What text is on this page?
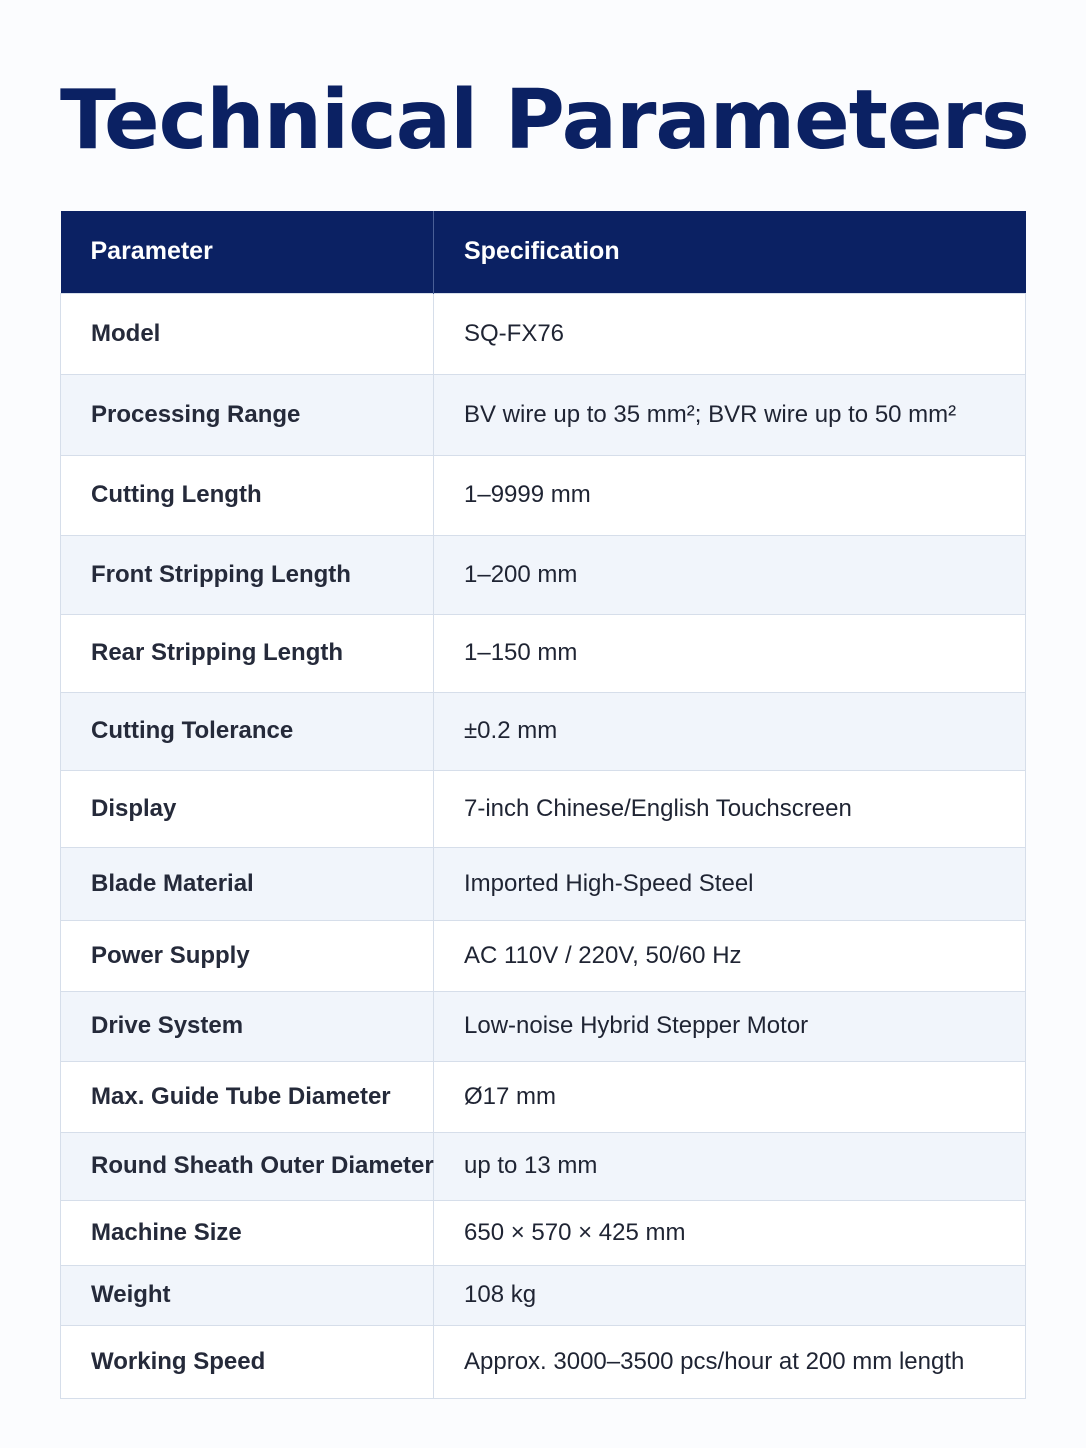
Technical Parameters
Parameter	Specification
Model	SQ-FX76
Processing Range	BV wire up to 35 mm²; BVR wire up to 50 mm²
Cutting Length	1–9999 mm
Front Stripping Length	1–200 mm
Rear Stripping Length	1–150 mm
Cutting Tolerance	±0.2 mm
Display	7-inch Chinese/English Touchscreen
Blade Material	Imported High-Speed Steel
Power Supply	AC 110V / 220V, 50/60 Hz
Drive System	Low-noise Hybrid Stepper Motor
Max. Guide Tube Diameter	Ø17 mm
Round Sheath Outer Diameter	up to 13 mm
Machine Size	650 × 570 × 425 mm
Weight	108 kg
Working Speed	Approx. 3000–3500 pcs/hour at 200 mm length
